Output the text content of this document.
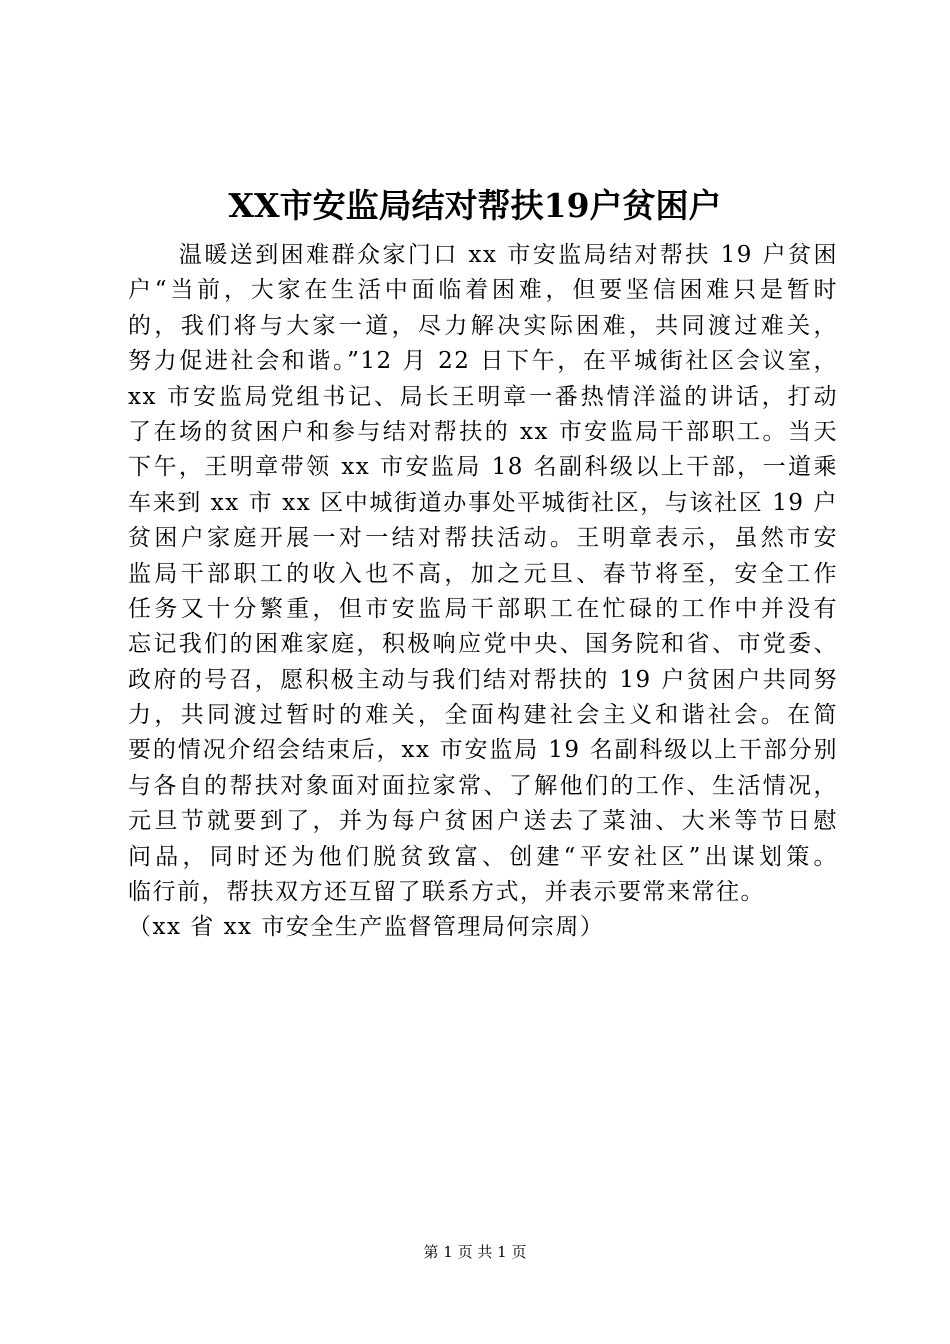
XX市安监局结对帮扶19户贫困户
　　温暖送到困难群众家门口 xx 市安监局结对帮扶 19 户贫困
户“当前，大家在生活中面临着困难，但要坚信困难只是暂时
的，我们将与大家一道，尽力解决实际困难，共同渡过难关，
努力促进社会和谐。”12 月 22 日下午，在平城街社区会议室，
xx 市安监局党组书记、局长王明章一番热情洋溢的讲话，打动
了在场的贫困户和参与结对帮扶的 xx 市安监局干部职工。当天
下午，王明章带领 xx 市安监局 18 名副科级以上干部，一道乘
车来到 xx 市 xx 区中城街道办事处平城街社区，与该社区 19 户
贫困户家庭开展一对一结对帮扶活动。王明章表示，虽然市安
监局干部职工的收入也不高，加之元旦、春节将至，安全工作
任务又十分繁重，但市安监局干部职工在忙碌的工作中并没有
忘记我们的困难家庭，积极响应党中央、国务院和省、市党委、
政府的号召，愿积极主动与我们结对帮扶的 19 户贫困户共同努
力，共同渡过暂时的难关，全面构建社会主义和谐社会。在简
要的情况介绍会结束后，xx 市安监局 19 名副科级以上干部分别
与各自的帮扶对象面对面拉家常、了解他们的工作、生活情况，
元旦节就要到了，并为每户贫困户送去了菜油、大米等节日慰
问品，同时还为他们脱贫致富、创建“平安社区”出谋划策。
临行前，帮扶双方还互留了联系方式，并表示要常来常往。
（xx 省 xx 市安全生产监督管理局何宗周）
第 1 页 共 1 页
